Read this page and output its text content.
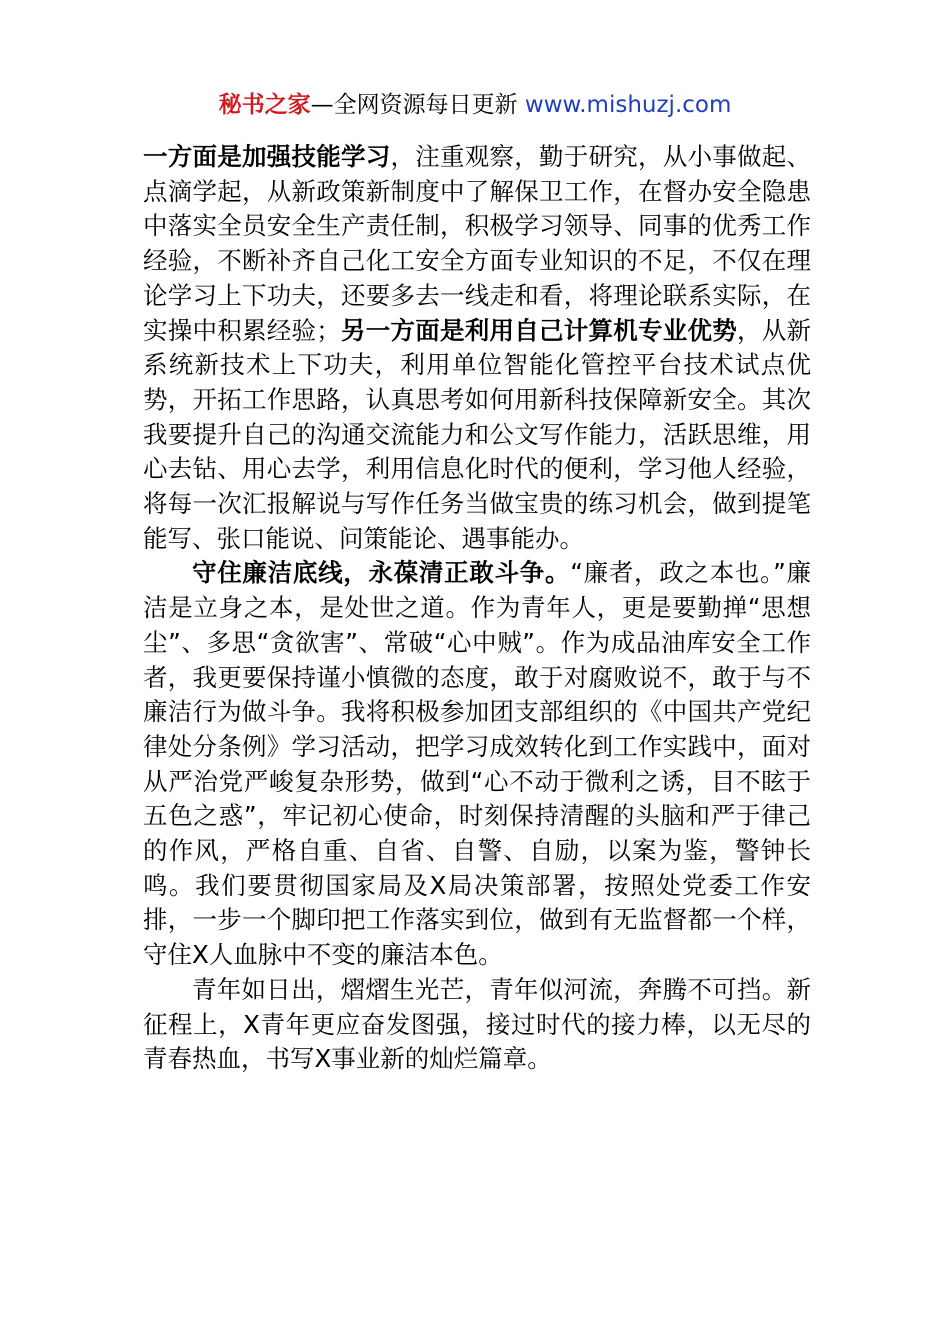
秘书之家—全网资源每日更新 www.mishuzj.com

一方面是加强技能学习，注重观察，勤于研究，从小事做起、点滴学起，从新政策新制度中了解保卫工作，在督办安全隐患中落实全员安全生产责任制，积极学习领导、同事的优秀工作经验，不断补齐自己化工安全方面专业知识的不足，不仅在理论学习上下功夫，还要多去一线走和看，将理论联系实际，在实操中积累经验；另一方面是利用自己计算机专业优势，从新系统新技术上下功夫，利用单位智能化管控平台技术试点优势，开拓工作思路，认真思考如何用新科技保障新安全。其次我要提升自己的沟通交流能力和公文写作能力，活跃思维，用心去钻、用心去学，利用信息化时代的便利，学习他人经验，将每一次汇报解说与写作任务当做宝贵的练习机会，做到提笔能写、张口能说、问策能论、遇事能办。

守住廉洁底线，永葆清正敢斗争。“廉者，政之本也。”廉洁是立身之本，是处世之道。作为青年人，更是要勤掸“思想尘”、多思“贪欲害”、常破“心中贼”。作为成品油库安全工作者，我更要保持谨小慎微的态度，敢于对腐败说不，敢于与不廉洁行为做斗争。我将积极参加团支部组织的《中国共产党纪律处分条例》学习活动，把学习成效转化到工作实践中，面对从严治党严峻复杂形势，做到“心不动于微利之诱，目不眩于五色之惑”，牢记初心使命，时刻保持清醒的头脑和严于律己的作风，严格自重、自省、自警、自励，以案为鉴，警钟长鸣。我们要贯彻国家局及X局决策部署，按照处党委工作安排，一步一个脚印把工作落实到位，做到有无监督都一个样，守住X人血脉中不变的廉洁本色。

青年如日出，熠熠生光芒，青年似河流，奔腾不可挡。新征程上，X青年更应奋发图强，接过时代的接力棒，以无尽的青春热血，书写X事业新的灿烂篇章。
